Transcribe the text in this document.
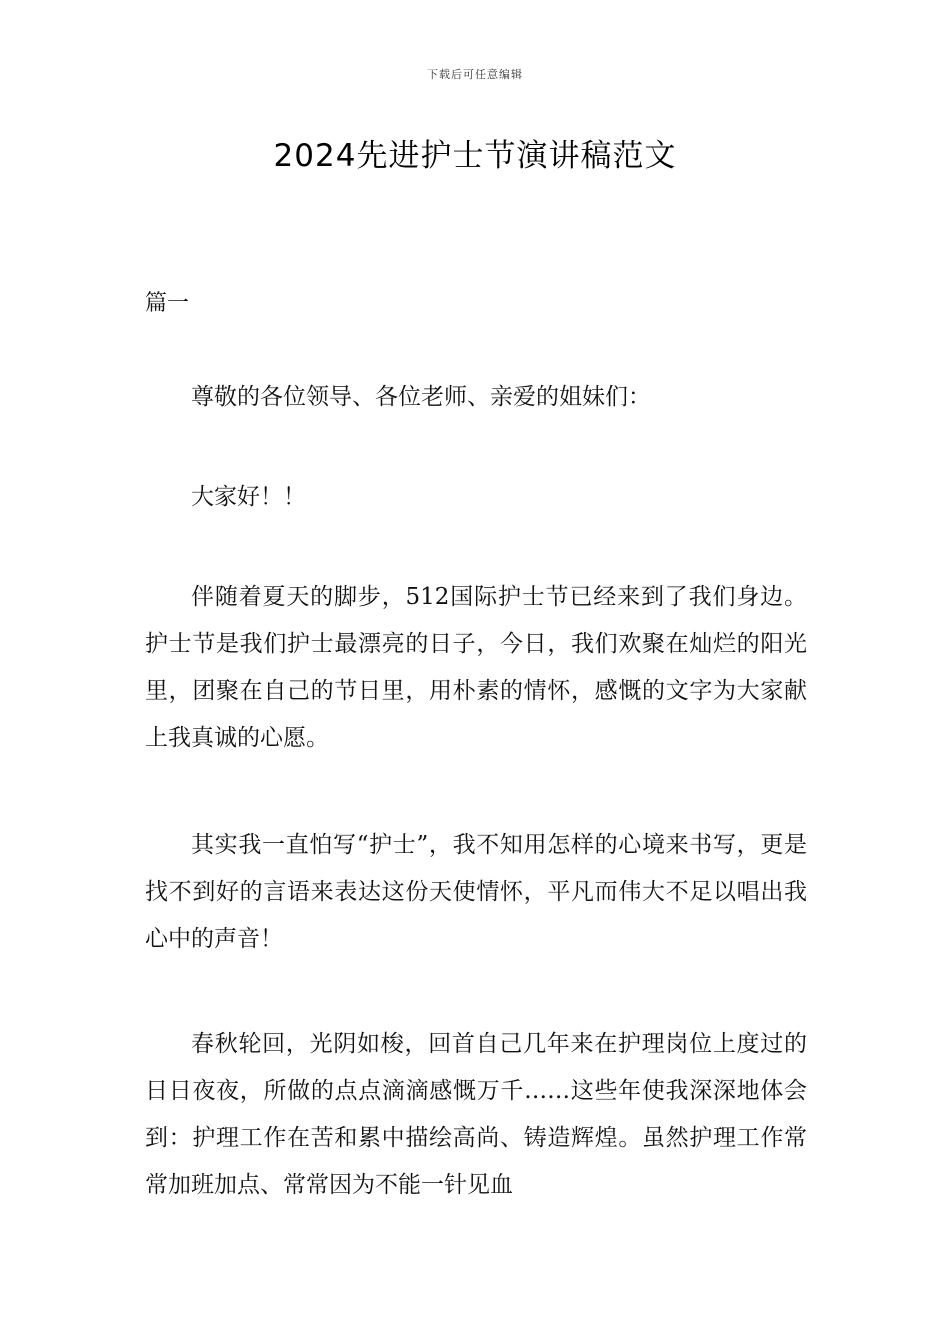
下载后可任意编辑
2024先进护士节演讲稿范文
篇一

尊敬的各位领导、各位老师、亲爱的姐妹们：

大家好！！

伴随着夏天的脚步，512国际护士节已经来到了我们身边。护士节是我们护士最漂亮的日子，今日，我们欢聚在灿烂的阳光里，团聚在自己的节日里，用朴素的情怀，感慨的文字为大家献上我真诚的心愿。

其实我一直怕写“护士”，我不知用怎样的心境来书写，更是找不到好的言语来表达这份天使情怀，平凡而伟大不足以唱出我心中的声音！

春秋轮回，光阴如梭，回首自己几年来在护理岗位上度过的日日夜夜，所做的点点滴滴感慨万千……这些年使我深深地体会到：护理工作在苦和累中描绘高尚、铸造辉煌。虽然护理工作常常加班加点、常常因为不能一针见血
